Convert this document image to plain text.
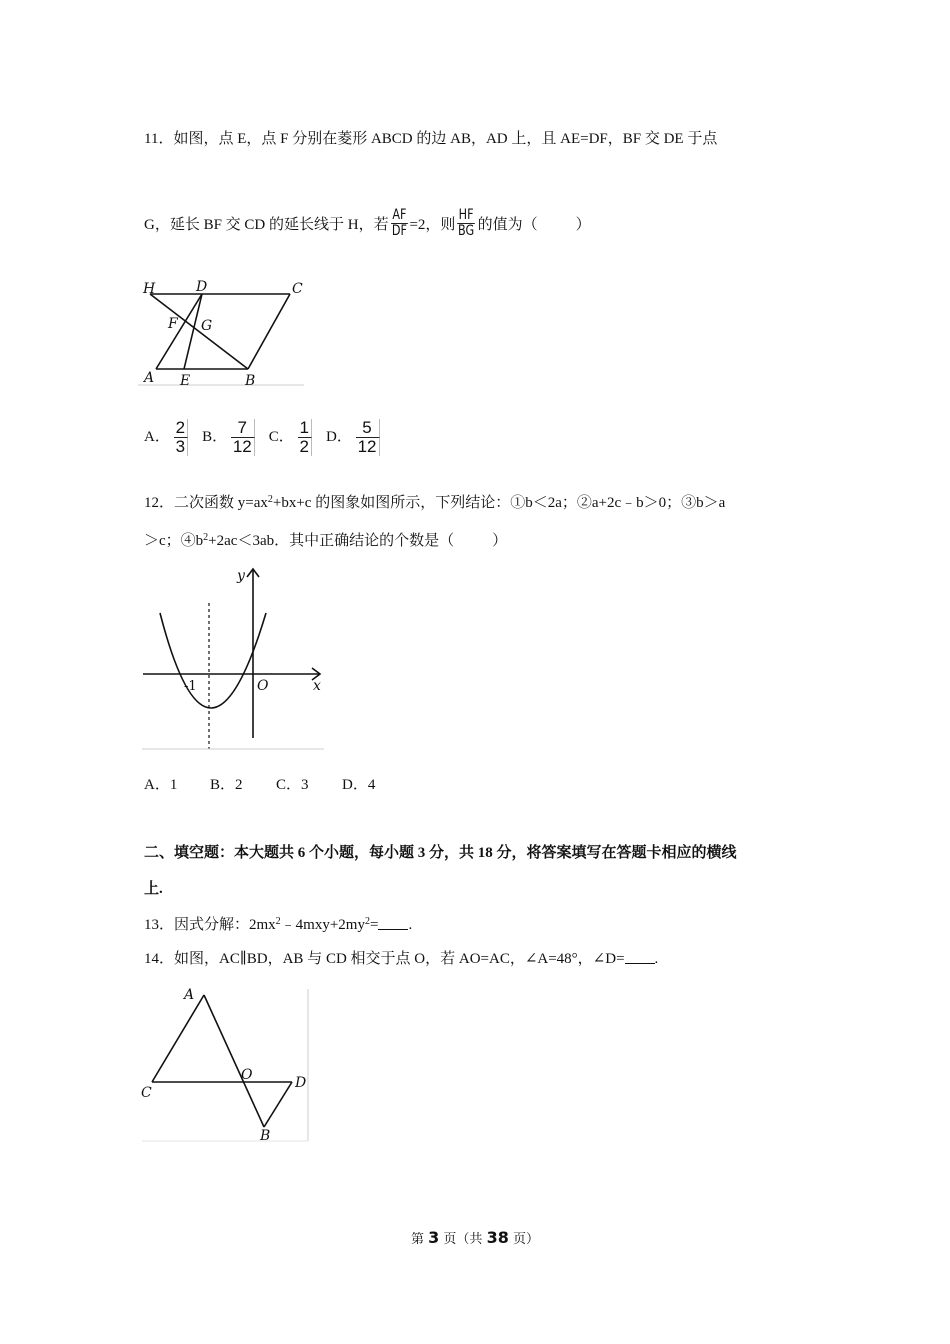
11．如图，点 E，点 F 分别在菱形 ABCD 的边 AB，AD 上，且 AE=DF，BF 交 DE 于点
G，延长 BF 交 CD 的延长线于 H，若 $\frac{AF}{DF} =2$，则 $\frac{HF}{BG}$ 的值为（	）
H	D	C
F G
A E	B
A． $\frac{2}{3}$ B． $\frac{7}{12}$ C． $\frac{1}{2}$ D． $\frac{5}{12}$
12．二次函数 $y=ax^2+bx+c$ 的图象如图所示，下列结论：①b＜2a；②a+2c﹣b＞0；③b＞a
＞c；$④b^2+2ac<3ab$．其中正确结论的个数是（	）
y
x
O
-1
A．1 B．2 C．3 D．4
二、填空题：本大题共 6 个小题，每小题 3 分，共 18 分，将答案填写在答题卡相应的横线
上.
13．因式分解：$2mx^2﹣4mxy+2my^2=$ .
14．如图，AC∥BD，AB 与 CD 相交于点 O，若 AO=AC，∠A=48°，∠D= .
A
C
O	D
B
第 3 页（共 38 页）
